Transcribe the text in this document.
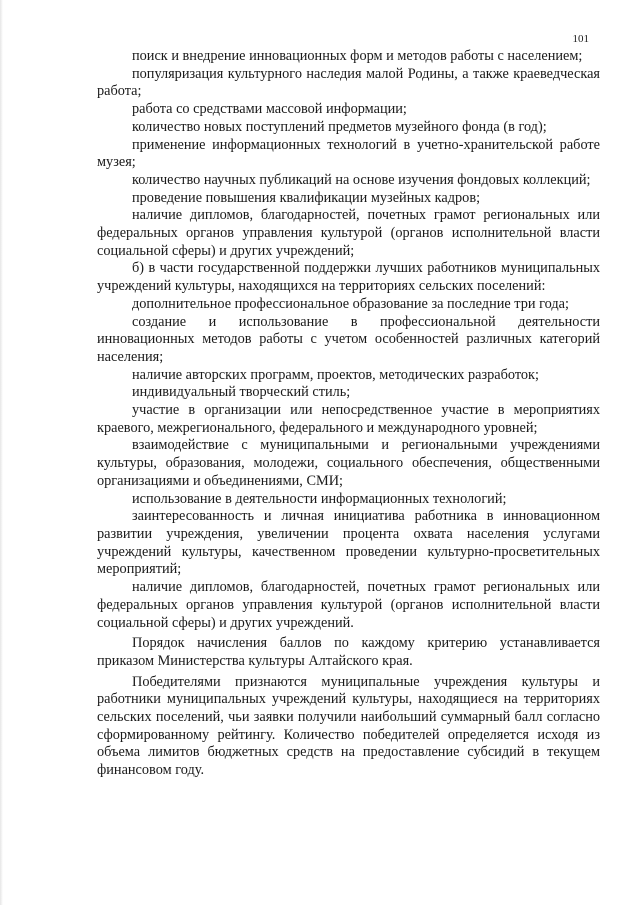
101

поиск и внедрение инновационных форм и методов работы с населением;

популяризация культурного наследия малой Родины, а также краеведческая работа;

работа со средствами массовой информации;

количество новых поступлений предметов музейного фонда (в год);

применение информационных технологий в учетно-хранительской работе музея;

количество научных публикаций на основе изучения фондовых коллекций;

проведение повышения квалификации музейных кадров;

наличие дипломов, благодарностей, почетных грамот региональных или федеральных органов управления культурой (органов исполнительной власти социальной сферы) и других учреждений;

б) в части государственной поддержки лучших работников муниципальных учреждений культуры, находящихся на территориях сельских поселений:

дополнительное профессиональное образование за последние три года;

создание и использование в профессиональной деятельности инновационных методов работы с учетом особенностей различных категорий населения;

наличие авторских программ, проектов, методических разработок;

индивидуальный творческий стиль;

участие в организации или непосредственное участие в мероприятиях краевого, межрегионального, федерального и международного уровней;

взаимодействие с муниципальными и региональными учреждениями культуры, образования, молодежи, социального обеспечения, общественными организациями и объединениями, СМИ;

использование в деятельности информационных технологий;

заинтересованность и личная инициатива работника в инновационном развитии учреждения, увеличении процента охвата населения услугами учреждений культуры, качественном проведении культурно-просветительных мероприятий;

наличие дипломов, благодарностей, почетных грамот региональных или федеральных органов управления культурой (органов исполнительной власти социальной сферы) и других учреждений.

Порядок начисления баллов по каждому критерию устанавливается приказом Министерства культуры Алтайского края.

Победителями признаются муниципальные учреждения культуры и работники муниципальных учреждений культуры, находящиеся на территориях сельских поселений, чьи заявки получили наибольший суммарный балл согласно сформированному рейтингу. Количество победителей определяется исходя из объема лимитов бюджетных средств на предоставление субсидий в текущем финансовом году.
